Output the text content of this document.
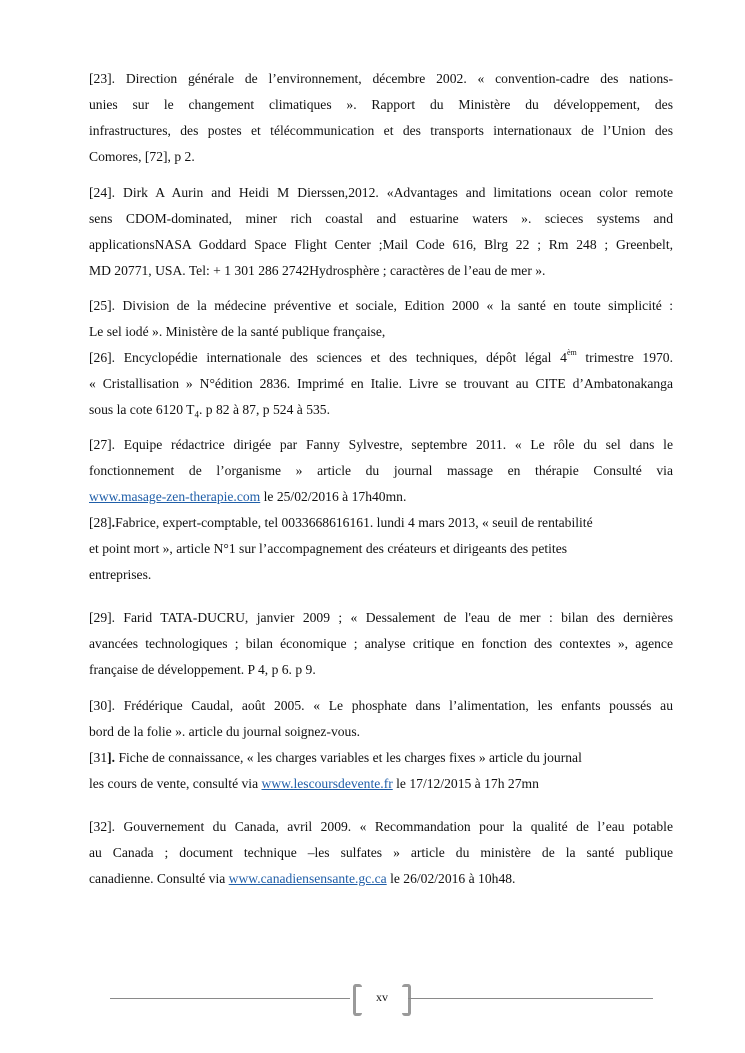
[23]. Direction générale de l’environnement, décembre 2002. « convention-cadre des nations-
unies sur le changement climatiques ». Rapport du Ministère du développement, des
infrastructures, des postes et télécommunication et des transports internationaux de l’Union des
Comores, [72], p 2.
[24]. Dirk A Aurin and Heidi M Dierssen,2012. «Advantages and limitations ocean color remote
sens CDOM-dominated, miner rich coastal and estuarine waters ». scieces systems and
applicationsNASA Goddard Space Flight Center ;Mail Code 616, Blrg 22 ; Rm 248 ; Greenbelt,
MD 20771, USA. Tel: + 1 301 286 2742Hydrosphère ; caractères de l’eau de mer ».
[25]. Division de la médecine préventive et sociale, Edition 2000 « la santé en toute simplicité :
Le sel iodé ». Ministère de la santé publique française,
[26]. Encyclopédie internationale des sciences et des techniques, dépôt légal $4^{èm}$ trimestre 1970.
« Cristallisation » N°édition 2836. Imprimé en Italie. Livre se trouvant au CITE d’Ambatonakanga
sous la cote 6120 $T_4$. p 82 à 87, p 524 à 535.
[27]. Equipe rédactrice dirigée par Fanny Sylvestre, septembre 2011. « Le rôle du sel dans le
fonctionnement de l’organisme » article du journal massage en thérapie Consulté via
www.masage-zen-therapie.com le 25/02/2016 à 17h40mn.
[28].Fabrice, expert-comptable, tel 0033668616161. lundi 4 mars 2013, « seuil de rentabilité
et point mort », article N°1 sur l’accompagnement des créateurs et dirigeants des petites
entreprises.
[29]. Farid TATA-DUCRU, janvier 2009 ; « Dessalement de l'eau de mer : bilan des dernières
avancées technologiques ; bilan économique ; analyse critique en fonction des contextes », agence
française de développement. P 4, p 6. p 9.
[30]. Frédérique Caudal, août 2005. « Le phosphate dans l’alimentation, les enfants poussés au
bord de la folie ». article du journal soignez-vous.
[31]. Fiche de connaissance, « les charges variables et les charges fixes » article du journal
les cours de vente, consulté via www.lescoursdevente.fr le 17/12/2015 à 17h 27mn
[32]. Gouvernement du Canada, avril 2009. « Recommandation pour la qualité de l’eau potable
au Canada ; document technique –les sulfates » article du ministère de la santé publique
canadienne. Consulté via www.canadiensensante.gc.ca le 26/02/2016 à 10h48.
xv
